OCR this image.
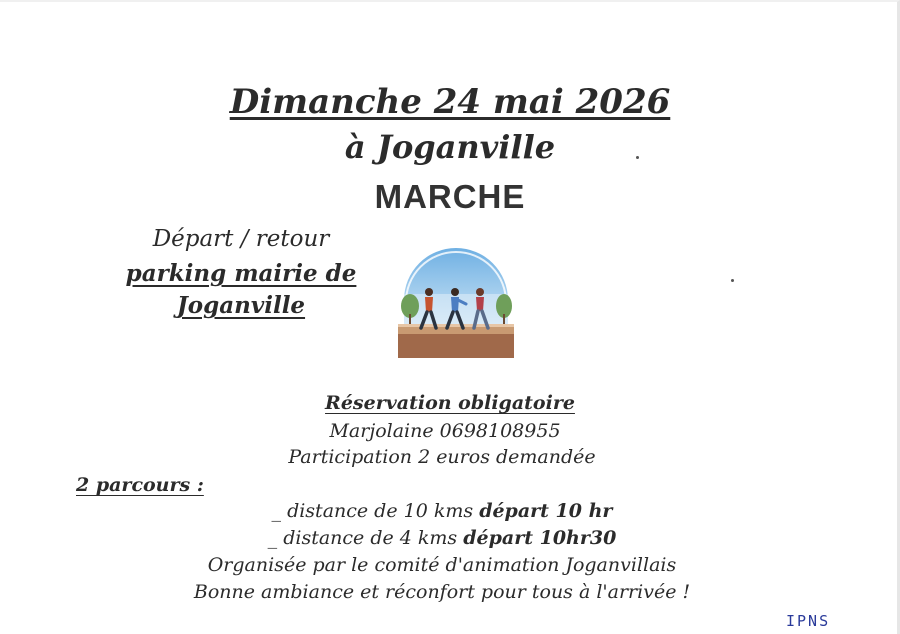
Dimanche 24 mai 2026
à Joganville
MARCHE
Départ / retour
parking mairie de
Joganville
Réservation obligatoire
Marjolaine 0698108955
Participation 2 euros demandée
2 parcours :
_ distance de 10 kms départ 10 hr
_ distance de 4 kms départ 10hr30
Organisée par le comité d'animation Joganvillais
Bonne ambiance et réconfort pour tous à l'arrivée !
IPNS
